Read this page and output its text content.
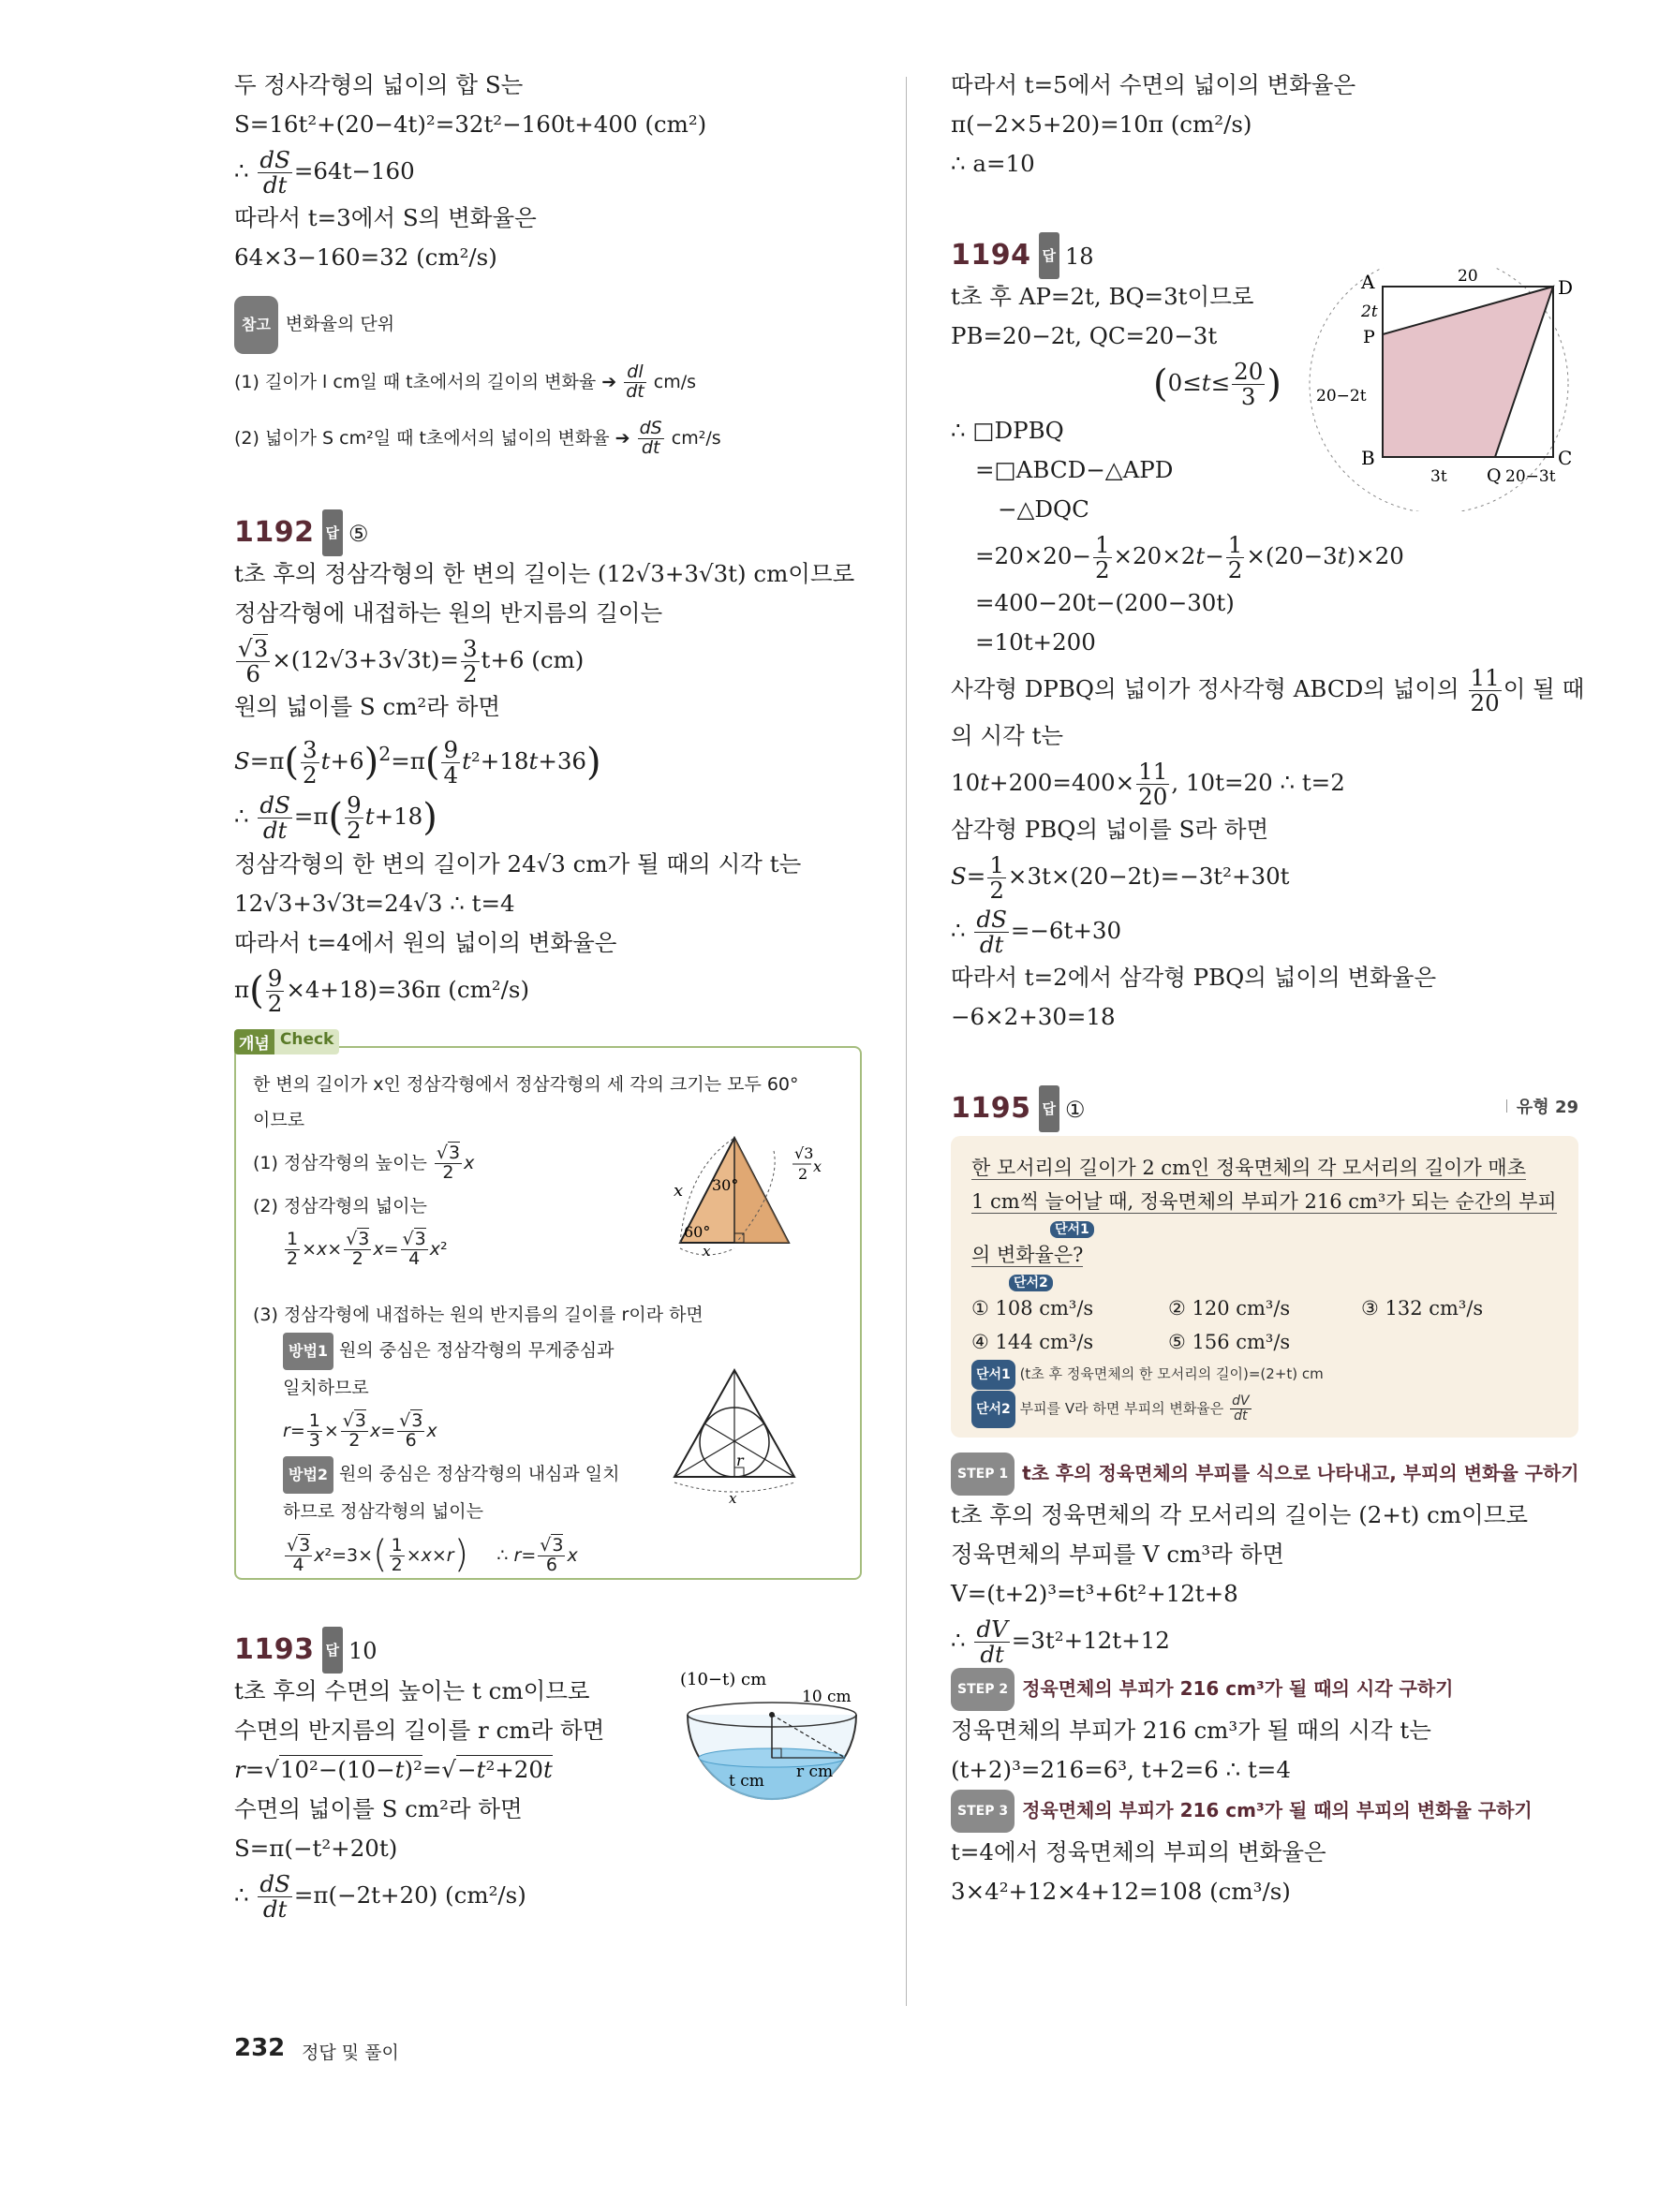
두 정사각형의 넓이의 합 S는
S=16t²+(20−4t)²=32t²−160t+400 (cm²)
∴ $\frac{dS}{dt} =64t-160$
따라서 t=3에서 S의 변화율은
64×3−160=32 (cm²/s)
참고 변화율의 단위
(1) 길이가 l cm일 때 t초에서의 길이의 변화율 ➔ $\frac{dl}{dt} cm/s$
(2) 넓이가 S cm²일 때 t초에서의 넓이의 변화율 ➔ $\frac{dS}{dt} cm^2/s$
1192 답 ⑤
t초 후의 정삼각형의 한 변의 길이는 (12√3+3√3t) cm이므로
정삼각형에 내접하는 원의 반지름의 길이는
$\frac{√3}{6} \times(12√3+3√3t)= \frac{3}{2} t+6$ (cm)
원의 넓이를 S cm²라 하면
$S=\pi( \frac{3}{2} t+6)^2=\pi( \frac{9}{4} t^2+18t+36)$
∴ $\frac{dS}{dt} =\pi( \frac{9}{2} t+18)$
정삼각형의 한 변의 길이가 24√3 cm가 될 때의 시각 t는
12√3+3√3t=24√3 ∴ t=4
따라서 t=4에서 원의 넓이의 변화율은
$\pi( \frac{9}{2} \times 4+18)=36\pi$ (cm²/s)
개념 Check
한 변의 길이가 x인 정삼각형에서 정삼각형의 세 각의 크기는 모두 60°
이므로
(1) 정삼각형의 높이는 $\frac{√3}{2}$ x
(2) 정삼각형의 넓이는
$\frac{1}{2} \times x\times \frac{√3}{2} x= \frac{√3}{4} x^2$
(3) 정삼각형에 내접하는 원의 반지름의 길이를 r이라 하면
방법1 원의 중심은 정삼각형의 무게중심과
일치하므로
$r= \frac{1}{3} \times \frac{√3}{2} x= \frac{√3}{6}$ x
방법2 원의 중심은 정삼각형의 내심과 일치
하므로 정삼각형의 넓이는
$\frac{√3}{4} x^2=3\times( \frac{1}{2} \times x\times r)$     ∴ $r= \frac{√3}{6}$ x
x 30°
60°
√3
2 x
x
r
x
1193 답 10
t초 후의 수면의 높이는 t cm이므로
수면의 반지름의 길이를 r cm라 하면
r=√10²−(10−t)²=√−t²+20t
수면의 넓이를 S cm²라 하면
S=π(−t²+20t)
∴ $\frac{dS}{dt} =\pi(-2t+20)$ (cm²/s)
(10−t) cm
10 cm
t cm r cm
따라서 t=5에서 수면의 넓이의 변화율은
π(−2×5+20)=10π (cm²/s)
∴ a=10
1194 답 18
t초 후 AP=2t, BQ=3t이므로
PB=20−2t, QC=20−3t
($0\le t\le \frac{20}{3}$ )
∴ □DPBQ
=□ABCD−△APD
−△DQC
$=20\times 20- \frac{1}{2} \times 20\times 2t- \frac{1}{2} \times(20-3t)\times 20$
=400−20t−(200−30t)
=10t+200
사각형 DPBQ의 넓이가 정사각형 ABCD의 넓이의 $\frac{11}{20}$ 이 될 때
의 시각 t는
$10t+200=400\times \frac{11}{20}$ , 10t=20 ∴ t=2
삼각형 PBQ의 넓이를 S라 하면
$S= \frac{1}{2} \times 3t\times(20-2t)=-3t^2+30t$
∴ $\frac{dS}{dt} =-6t+30$
따라서 t=2에서 삼각형 PBQ의 넓이의 변화율은
−6×2+30=18
A
B	C
D
P
Q
20
2t
20−2t
3t	20−3t
1195 답 ①	유형 29
한 모서리의 길이가 2 cm인 정육면체의 각 모서리의 길이가 매초
1 cm씩 늘어날 때, 정육면체의 부피가 216 cm³가 되는 순간의 부피
단서1
의 변화율은?
단서2
① 108 cm³/s	② 120 cm³/s	③ 132 cm³/s
④ 144 cm³/s	⑤ 156 cm³/s
단서1 (t초 후 정육면체의 한 모서리의 길이)=(2+t) cm
단서2 부피를 V라 하면 부피의 변화율은 $\frac{dV}{dt}$
STEP 1 t초 후의 정육면체의 부피를 식으로 나타내고, 부피의 변화율 구하기
t초 후의 정육면체의 각 모서리의 길이는 (2+t) cm이므로
정육면체의 부피를 V cm³라 하면
V=(t+2)³=t³+6t²+12t+8
∴ $\frac{dV}{dt} =3t^2+12t+12$
STEP 2 정육면체의 부피가 216 cm³가 될 때의 시각 구하기
정육면체의 부피가 216 cm³가 될 때의 시각 t는
(t+2)³=216=6³, t+2=6 ∴ t=4
STEP 3 정육면체의 부피가 216 cm³가 될 때의 부피의 변화율 구하기
t=4에서 정육면체의 부피의 변화율은
3×4²+12×4+12=108 (cm³/s)
232 정답 및 풀이
